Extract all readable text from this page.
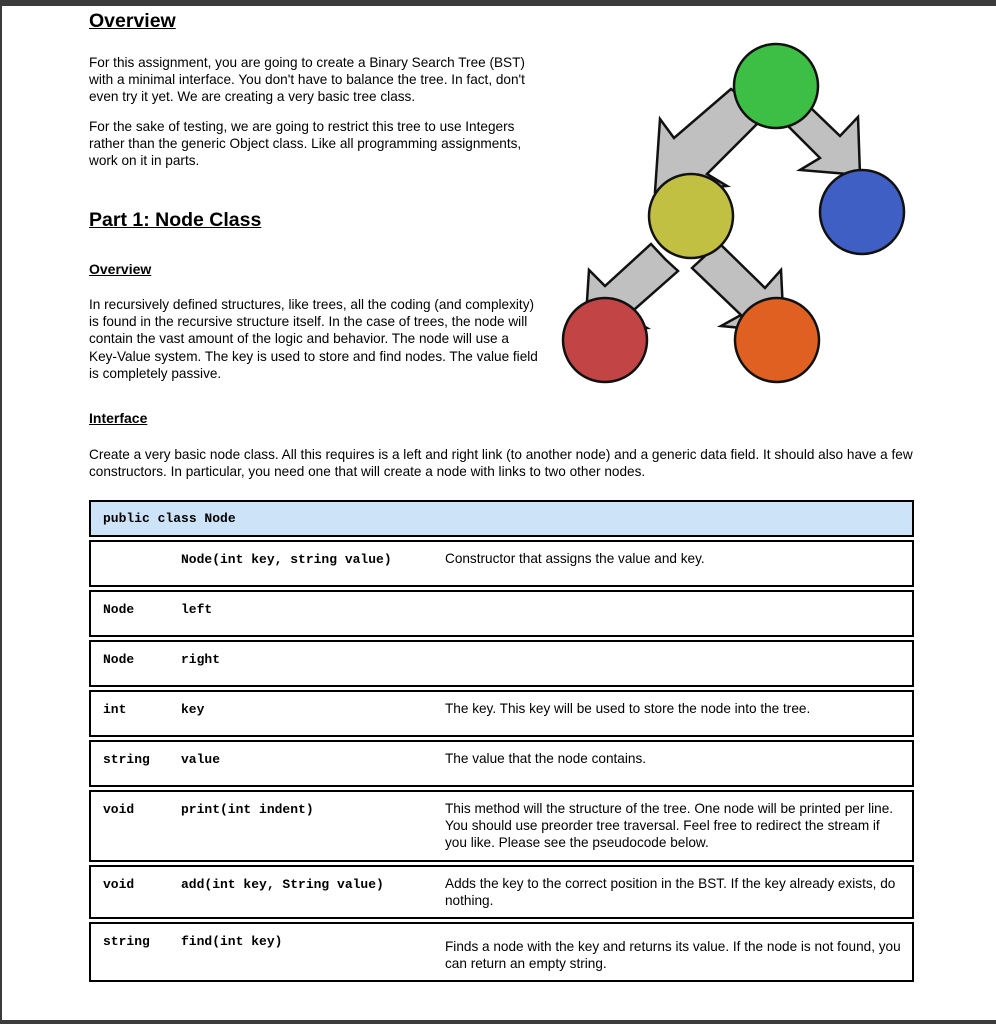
Overview

For this assignment, you are going to create a Binary Search Tree (BST) with a minimal interface. You don't have to balance the tree. In fact, don't even try it yet. We are creating a very basic tree class.

For the sake of testing, we are going to restrict this tree to use Integers rather than the generic Object class. Like all programming assignments, work on it in parts.

Part 1: Node Class
Overview

In recursively defined structures, like trees, all the coding (and complexity) is found in the recursive structure itself. In the case of trees, the node will contain the vast amount of the logic and behavior. The node will use a Key-Value system. The key is used to store and find nodes. The value field is completely passive.

Interface

Create a very basic node class. All this requires is a left and right link (to another node) and a generic data field. It should also have a few constructors. In particular, you need one that will create a node with links to two other nodes.

public class Node		
	Node(int key, string value)	Constructor that assigns the value and key.
Node	left	
Node	right	
int	key	The key. This key will be used to store the node into the tree.
string	value	The value that the node contains.
void	print(int indent)	This method will the structure of the tree. One node will be printed per line. You should use preorder tree traversal. Feel free to redirect the stream if you like. Please see the pseudocode below.
void	add(int key, String value)	Adds the key to the correct position in the BST. If the key already exists, do nothing.
string	find(int key)	Finds a node with the key and returns its value. If the node is not found, you can return an empty string.
